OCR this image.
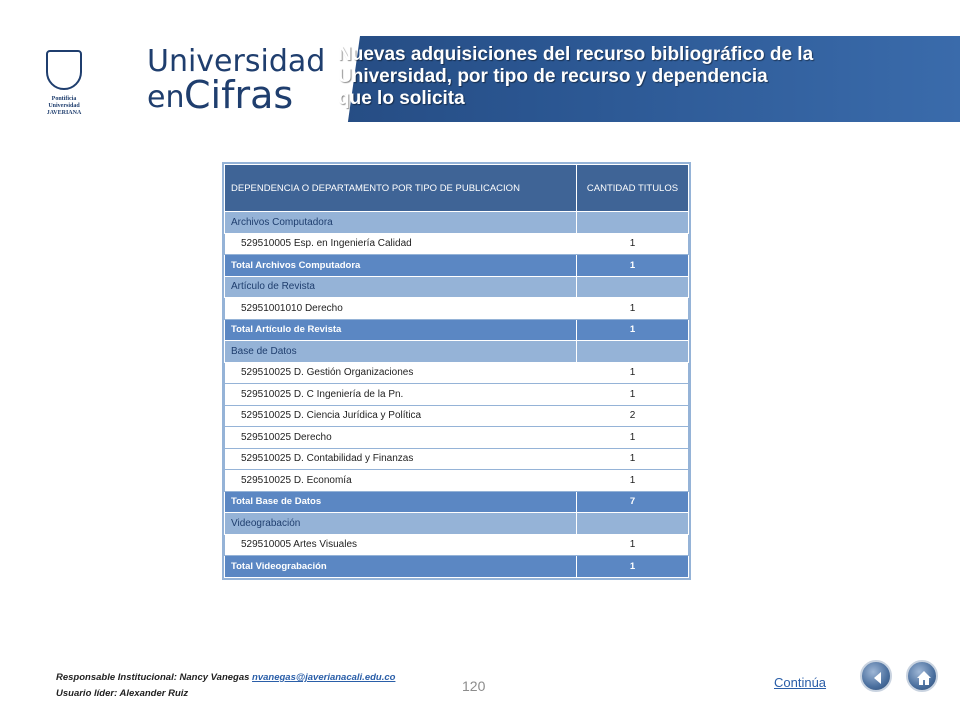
Pontificia Universidad JAVERIANA
Universidad
en Cifras
Nuevas adquisiciones del recurso bibliográfico de la
Universidad, por tipo de recurso y dependencia
que lo solicita
DEPENDENCIA O DEPARTAMENTO POR TIPO DE PUBLICACION	CANTIDAD TITULOS
Archivos Computadora	
529510005 Esp. en Ingeniería Calidad	1
Total Archivos Computadora	1
Artículo de Revista	
52951001010 Derecho	1
Total Artículo de Revista	1
Base de Datos	
529510025 D. Gestión Organizaciones	1
529510025 D. C Ingeniería de la Pn.	1
529510025 D. Ciencia Jurídica y Política	2
529510025 Derecho	1
529510025 D. Contabilidad y Finanzas	1
529510025 D. Economía	1
Total Base de Datos	7
Videograbación	
529510005 Artes Visuales	1
Total Videograbación	1
Responsable Institucional: Nancy Vanegas nvanegas@javerianacali.edu.co
Usuario líder: Alexander Ruiz	120	Continúa
